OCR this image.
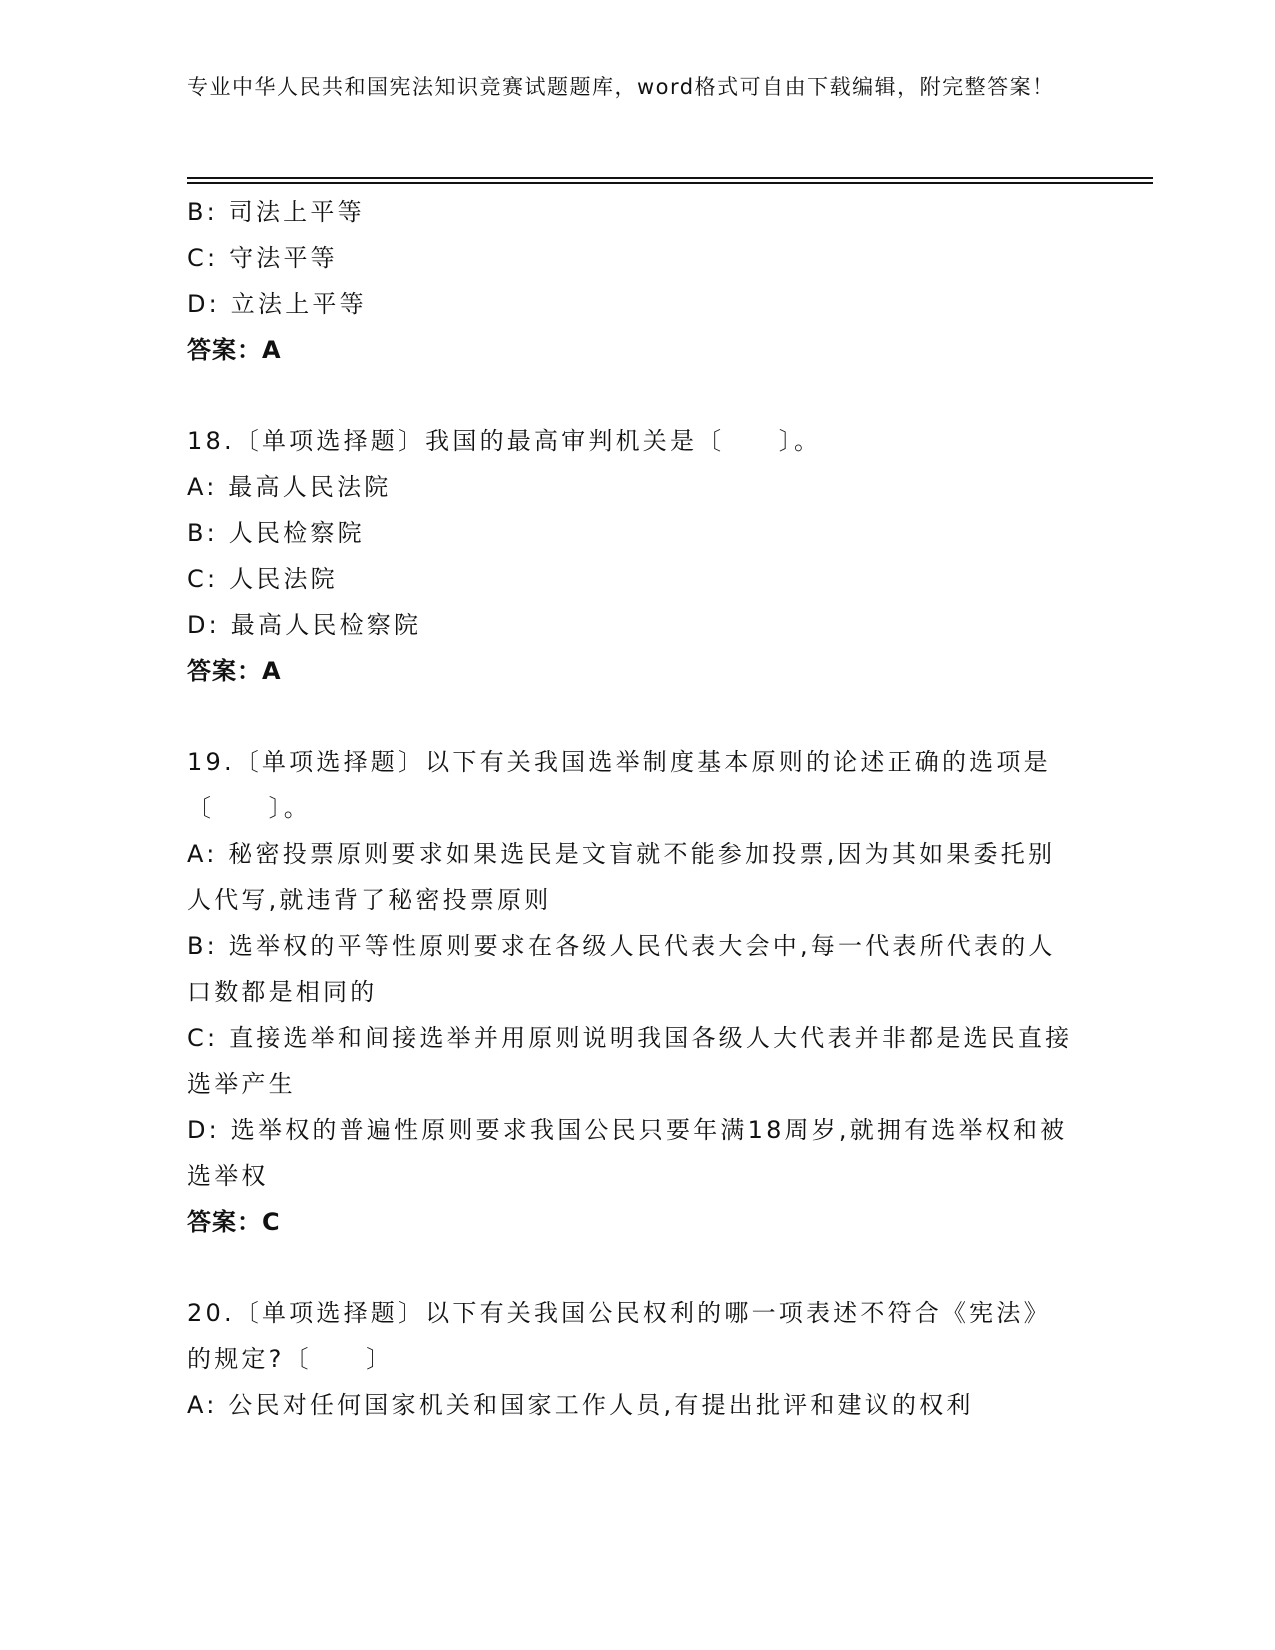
专业中华人民共和国宪法知识竞赛试题题库，word格式可自由下载编辑，附完整答案！
B: 司法上平等
C: 守法平等
D: 立法上平等
答案：A
18.〔单项选择题〕我国的最高审判机关是〔　　〕。
A: 最高人民法院
B: 人民检察院
C: 人民法院
D: 最高人民检察院
答案：A
19.〔单项选择题〕以下有关我国选举制度基本原则的论述正确的选项是〔　　〕。
A: 秘密投票原则要求如果选民是文盲就不能参加投票,因为其如果委托别人代写,就违背了秘密投票原则
B: 选举权的平等性原则要求在各级人民代表大会中,每一代表所代表的人口数都是相同的
C: 直接选举和间接选举并用原则说明我国各级人大代表并非都是选民直接选举产生
D: 选举权的普遍性原则要求我国公民只要年满18周岁,就拥有选举权和被选举权
答案：C
20.〔单项选择题〕以下有关我国公民权利的哪一项表述不符合《宪法》的规定?〔　　〕
A: 公民对任何国家机关和国家工作人员,有提出批评和建议的权利
